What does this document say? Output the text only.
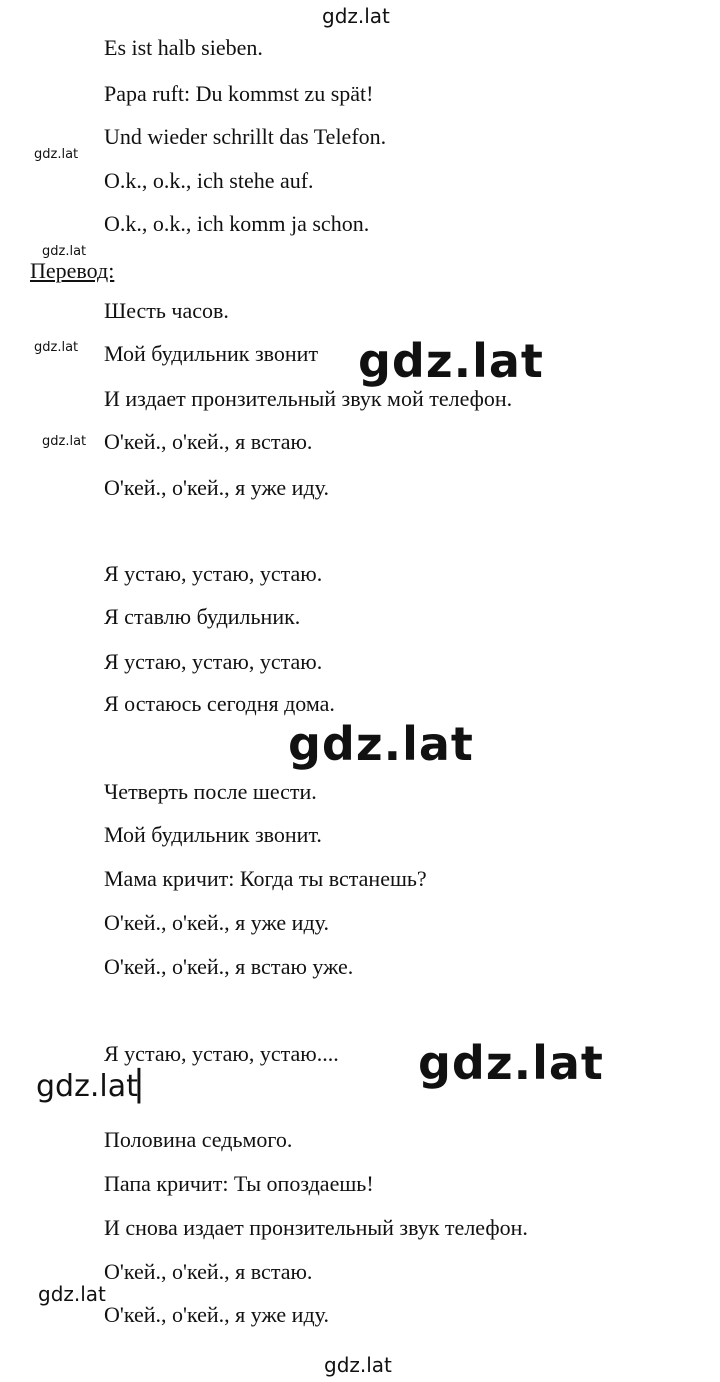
gdz.lat
gdz.lat
gdz.lat
gdz.lat	gdz.lat
gdz.lat
gdz.lat
gdz.lat
gdz.lat▏
gdz.lat
gdz.lat
Es ist halb sieben.
Papa ruft: Du kommst zu spät!
Und wieder schrillt das Telefon.
O.k., o.k., ich stehe auf.
O.k., o.k., ich komm ja schon.
Перевод:
Шесть часов.
Мой будильник звонит
И издает пронзительный звук мой телефон.
О'кей., о'кей., я встаю.
О'кей., о'кей., я уже иду.
Я устаю, устаю, устаю.
Я ставлю будильник.
Я устаю, устаю, устаю.
Я остаюсь сегодня дома.
Четверть после шести.
Мой будильник звонит.
Мама кричит: Когда ты встанешь?
О'кей., о'кей., я уже иду.
О'кей., о'кей., я встаю уже.
Я устаю, устаю, устаю....
Половина седьмого.
Папа кричит: Ты опоздаешь!
И снова издает пронзительный звук телефон.
О'кей., о'кей., я встаю.
О'кей., о'кей., я уже иду.
